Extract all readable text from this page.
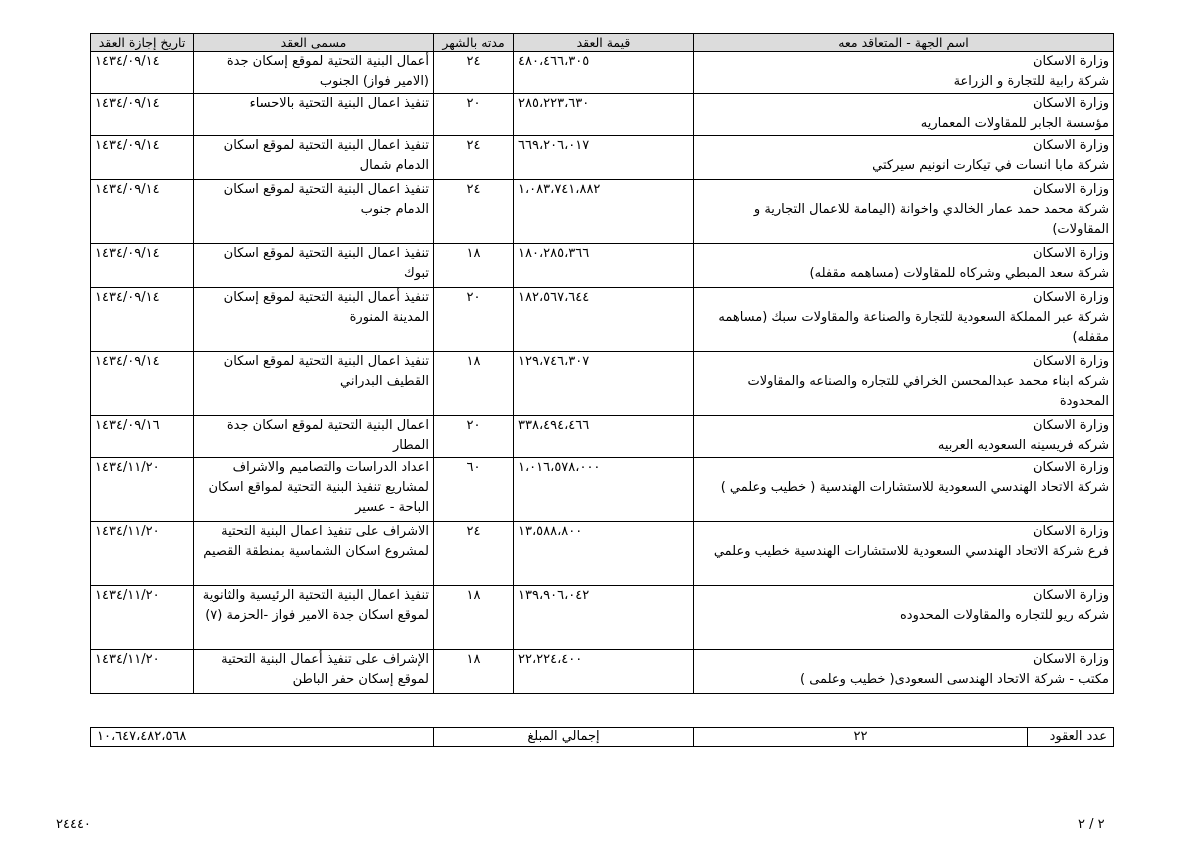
اسم الجهة - المتعاقد معه	قيمة العقد	مدته بالشهر	مسمى العقد	تاريخ إجازة العقد

وزارة الاسكان
شركة رابية للتجارة و الزراعة	٤٨٠،٤٦٦،٣٠٥	٢٤	أعمال البنية التحتية لموقع إسكان جدة (الامير فواز) الجنوب	١٤٣٤/٠٩/١٤

وزارة الاسكان
مؤسسة الجابر للمقاولات المعماريه	٢٨٥،٢٢٣،٦٣٠	٢٠	تنفيذ اعمال البنية التحتية بالاحساء	١٤٣٤/٠٩/١٤

وزارة الاسكان
شركة مابا انسات في تيكارت انونيم سيركتي	٦٦٩،٢٠٦،٠١٧	٢٤	تنفيذ اعمال البنية التحتية لموقع اسكان الدمام شمال	١٤٣٤/٠٩/١٤

وزارة الاسكان
شركة محمد حمد عمار الخالدي واخوانة (اليمامة للاعمال التجارية و المقاولات)	١،٠٨٣،٧٤١،٨٨٢	٢٤	تنفيذ اعمال البنية التحتية لموقع اسكان الدمام جنوب	١٤٣٤/٠٩/١٤

وزارة الاسكان
شركة سعد المبطي وشركاه للمقاولات (مساهمه مقفله)	١٨٠،٢٨٥،٣٦٦	١٨	تنفيذ اعمال البنية التحتية لموقع اسكان تبوك	١٤٣٤/٠٩/١٤

وزارة الاسكان
شركة عبر المملكة السعودية للتجارة والصناعة والمقاولات سبك (مساهمه مقفله)	١٨٢،٥٦٧،٦٤٤	٢٠	تنفيذ أعمال البنية التحتية لموقع إسكان المدينة المنورة	١٤٣٤/٠٩/١٤

وزارة الاسكان
شركه ابناء محمد عبدالمحسن الخرافي للتجاره والصناعه والمقاولات المحدودة	١٢٩،٧٤٦،٣٠٧	١٨	تنفيذ اعمال البنية التحتية لموقع اسكان القطيف البدراني	١٤٣٤/٠٩/١٤

وزارة الاسكان
شركه فريسينه السعوديه العربيه	٣٣٨،٤٩٤،٤٦٦	٢٠	اعمال البنية التحتية لموقع اسكان جدة المطار	١٤٣٤/٠٩/١٦

وزارة الاسكان
شركة الاتحاد الهندسي السعودية للاستشارات الهندسية ( خطيب وعلمي )	١،٠١٦،٥٧٨،٠٠٠	٦٠	اعداد الدراسات والتصاميم والاشراف لمشاريع تنفيذ البنية التحتية لمواقع اسكان الباحة - عسير	١٤٣٤/١١/٢٠

وزارة الاسكان
فرع شركة الاتحاد الهندسي السعودية للاستشارات الهندسية خطيب وعلمي	١٣،٥٨٨،٨٠٠	٢٤	الاشراف على تنفيذ اعمال البنية التحتية لمشروع اسكان الشماسية بمنطقة القصيم	١٤٣٤/١١/٢٠

وزارة الاسكان
شركه ريو للتجاره والمقاولات المحدوده	١٣٩،٩٠٦،٠٤٢	١٨	تنفيذ اعمال البنية التحتية الرئيسية والثانوية لموقع اسكان جدة الامير فواز -الحزمة (٧)	١٤٣٤/١١/٢٠

وزارة الاسكان
مكتب - شركة الاتحاد الهندسى السعودى( خطيب وعلمى )	٢٢،٢٢٤،٤٠٠	١٨	الإشراف على تنفيذ أعمال البنية التحتية لموقع إسكان حفر الباطن	١٤٣٤/١١/٢٠
عدد العقود	٢٢	إجمالي المبلغ	١٠،٦٤٧،٤٨٢،٥٦٨
٢٤٤٤٠	٢ / ٢
